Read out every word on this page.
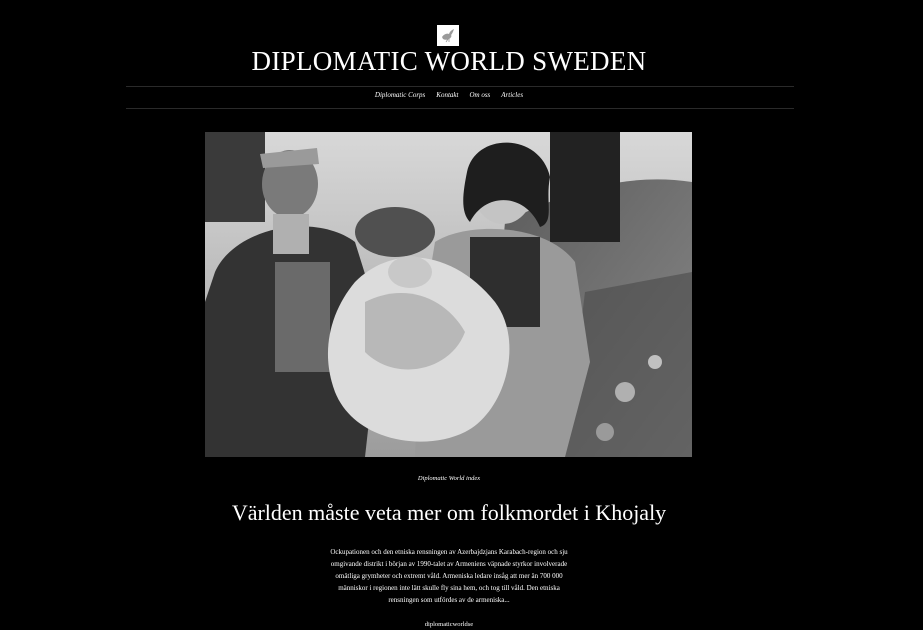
DIPLOMATIC WORLD SWEDEN
Diplomatic Corps Kontakt Om oss Articles
Diplomatic World index
Världen måste veta mer om folkmordet i Khojaly

Ockupationen och den etniska rensningen av Azerbajdzjans Karabach-region och sju omgivande distrikt i början av 1990-talet av Armeniens väpnade styrkor involverade omätliga grymheter och extremt våld. Armeniska ledare insåg att mer än 700 000 människor i regionen inte lätt skulle fly sina hem, och tog till våld. Den etniska rensningen som utfördes av de armeniska...

diplomaticworldse
